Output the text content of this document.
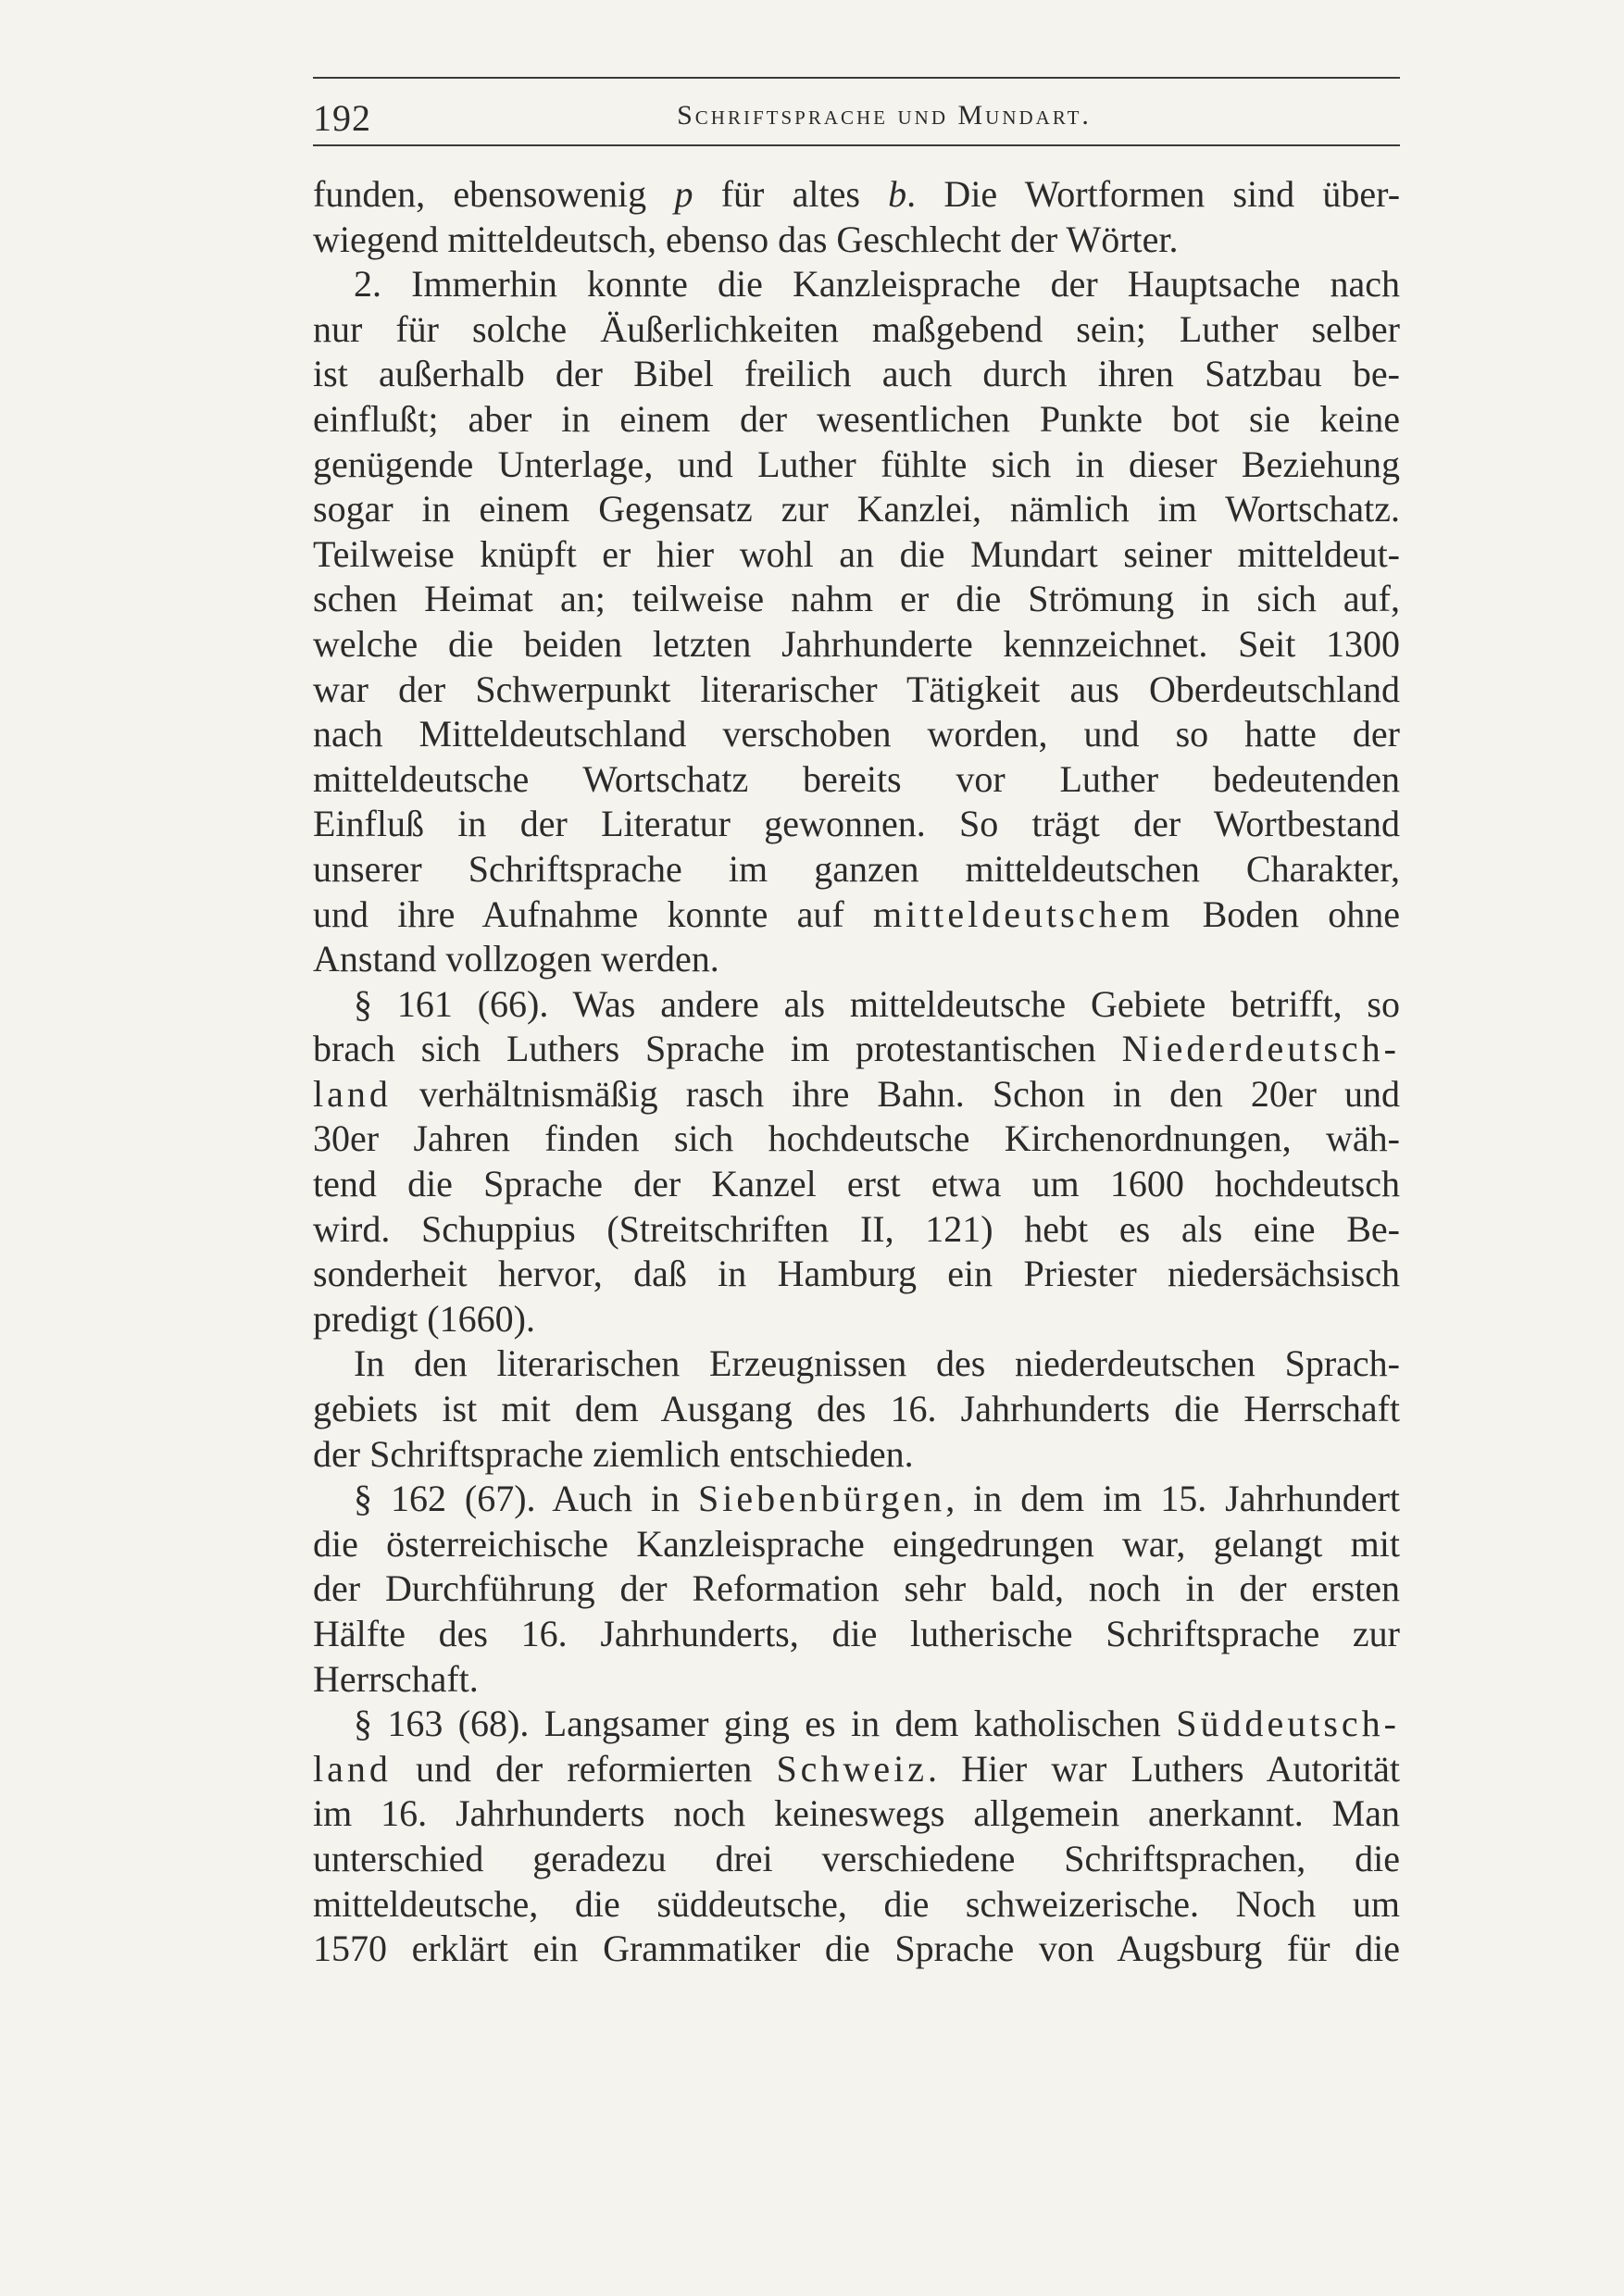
192	Schriftsprache und Mundart.

funden, ebensowenig p für altes b. Die Wortformen sind über-
wiegend mitteldeutsch, ebenso das Geschlecht der Wörter.

2. Immerhin konnte die Kanzleisprache der Hauptsache nach
nur für solche Äußerlichkeiten maßgebend sein; Luther selber
ist außerhalb der Bibel freilich auch durch ihren Satzbau be-
einflußt; aber in einem der wesentlichen Punkte bot sie keine
genügende Unterlage, und Luther fühlte sich in dieser Beziehung
sogar in einem Gegensatz zur Kanzlei, nämlich im Wortschatz.
Teilweise knüpft er hier wohl an die Mundart seiner mitteldeut-
schen Heimat an; teilweise nahm er die Strömung in sich auf,
welche die beiden letzten Jahrhunderte kennzeichnet. Seit 1300
war der Schwerpunkt literarischer Tätigkeit aus Oberdeutschland
nach Mitteldeutschland verschoben worden, und so hatte der
mitteldeutsche Wortschatz bereits vor Luther bedeutenden
Einfluß in der Literatur gewonnen. So trägt der Wortbestand
unserer Schriftsprache im ganzen mitteldeutschen Charakter,
und ihre Aufnahme konnte auf mitteldeutschem Boden ohne
Anstand vollzogen werden.

§ 161 (66). Was andere als mitteldeutsche Gebiete betrifft, so
brach sich Luthers Sprache im protestantischen Niederdeutsch-
land verhältnismäßig rasch ihre Bahn. Schon in den 20er und
30er Jahren finden sich hochdeutsche Kirchenordnungen, wäh-
tend die Sprache der Kanzel erst etwa um 1600 hochdeutsch
wird. Schuppius (Streitschriften II, 121) hebt es als eine Be-
sonderheit hervor, daß in Hamburg ein Priester niedersächsisch
predigt (1660).

In den literarischen Erzeugnissen des niederdeutschen Sprach-
gebiets ist mit dem Ausgang des 16. Jahrhunderts die Herrschaft
der Schriftsprache ziemlich entschieden.

§ 162 (67). Auch in Siebenbürgen, in dem im 15. Jahrhundert
die österreichische Kanzleisprache eingedrungen war, gelangt mit
der Durchführung der Reformation sehr bald, noch in der ersten
Hälfte des 16. Jahrhunderts, die lutherische Schriftsprache zur
Herrschaft.

§ 163 (68). Langsamer ging es in dem katholischen Süddeutsch-
land und der reformierten Schweiz. Hier war Luthers Autorität
im 16. Jahrhunderts noch keineswegs allgemein anerkannt. Man
unterschied geradezu drei verschiedene Schriftsprachen, die
mitteldeutsche, die süddeutsche, die schweizerische. Noch um
1570 erklärt ein Grammatiker die Sprache von Augsburg für die
